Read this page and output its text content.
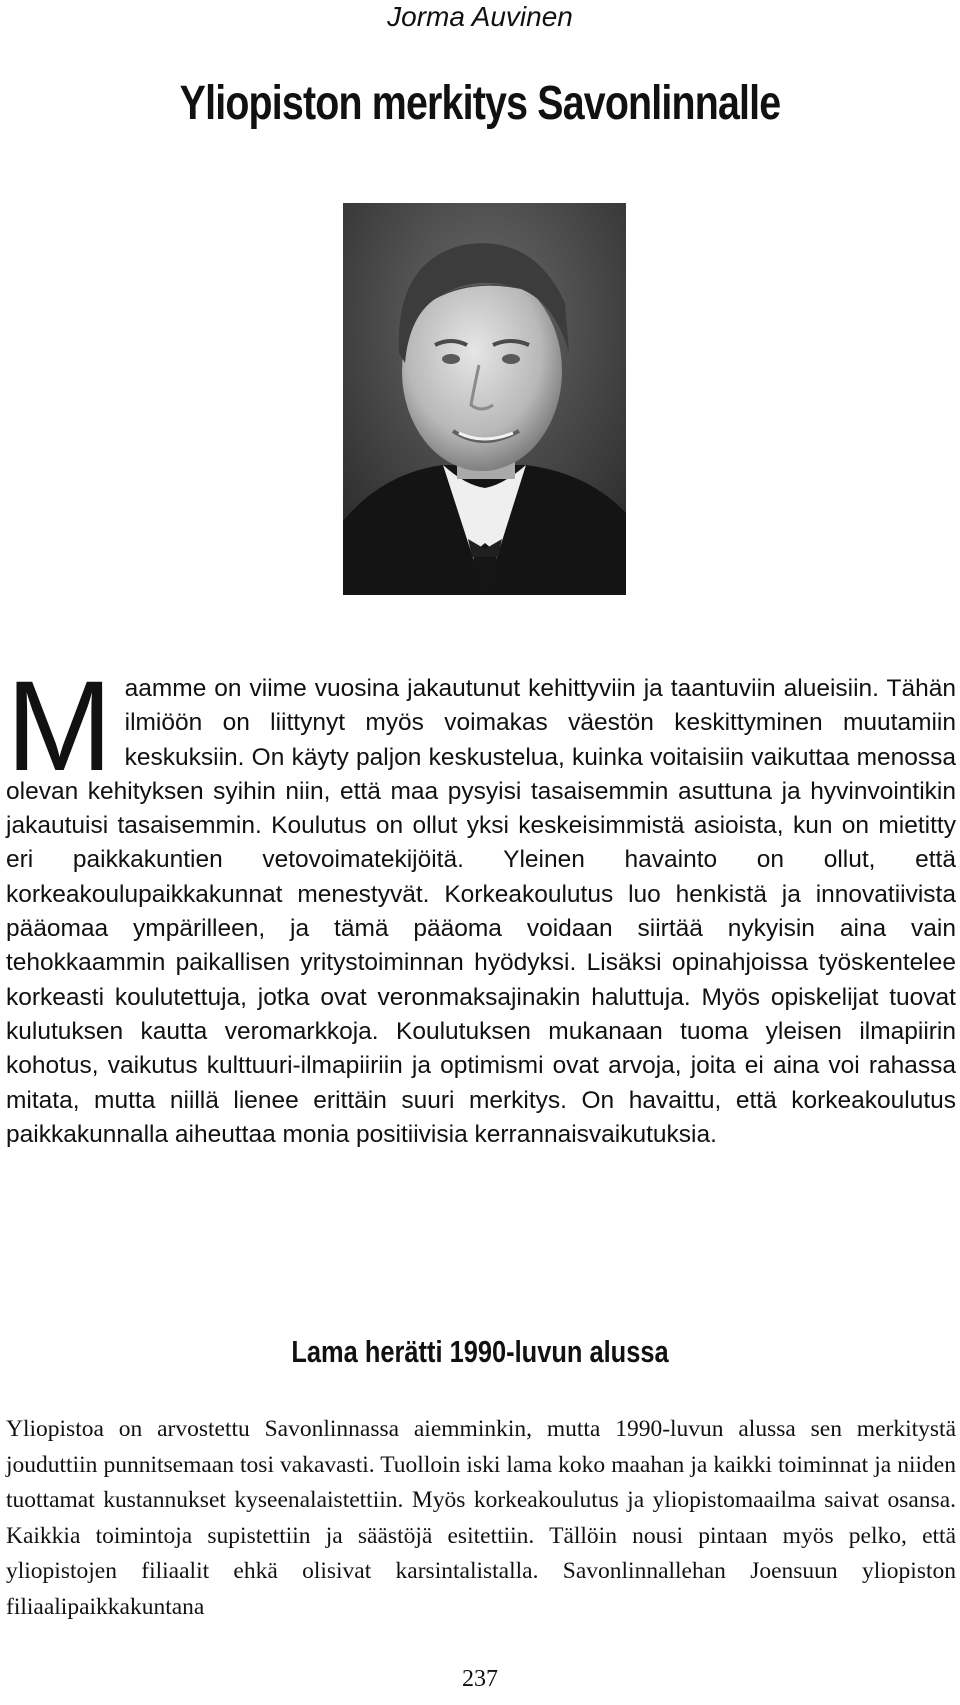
Jorma Auvinen

Yliopiston merkitys Savonlinnalle

Maamme on viime vuosina jakautunut kehittyviin ja taantuviin alueisiin. Tähän ilmiöön on liittynyt myös voimakas väestön keskittyminen muutamiin keskuksiin. On käyty paljon keskustelua, kuinka voitaisiin vaikuttaa menossa olevan kehityksen syihin niin, että maa pysyisi tasaisemmin asuttuna ja hyvinvointikin jakautuisi tasaisemmin. Koulutus on ollut yksi keskeisimmistä asioista, kun on mietitty eri paikkakuntien vetovoimatekijöitä. Yleinen havainto on ollut, että korkeakoulupaikkakunnat menestyvät. Korkeakoulutus luo henkistä ja innovatiivista pääomaa ympärilleen, ja tämä pääoma voidaan siirtää nykyisin aina vain tehokkaammin paikallisen yritystoiminnan hyödyksi. Lisäksi opinahjoissa työskentelee korkeasti koulutettuja, jotka ovat veronmaksajinakin haluttuja. Myös opiskelijat tuovat kulutuksen kautta veromarkkoja. Koulutuksen mukanaan tuoma yleisen ilmapiirin kohotus, vaikutus kulttuuri-ilmapiiriin ja optimismi ovat arvoja, joita ei aina voi rahassa mitata, mutta niillä lienee erittäin suuri merkitys. On havaittu, että korkeakoulutus paikkakunnalla aiheuttaa monia positiivisia kerrannaisvaikutuksia.

Lama herätti 1990-luvun alussa

Yliopistoa on arvostettu Savonlinnassa aiemminkin, mutta 1990-luvun alussa sen merkitystä jouduttiin punnitsemaan tosi vakavasti. Tuolloin iski lama koko maahan ja kaikki toiminnat ja niiden tuottamat kustannukset kyseenalaistettiin. Myös korkeakoulutus ja yliopistomaailma saivat osansa. Kaikkia toimintoja supistettiin ja säästöjä esitettiin. Tällöin nousi pintaan myös pelko, että yliopistojen filiaalit ehkä olisivat karsintalistalla. Savonlinnallehan Joensuun yliopiston filiaalipaikkakuntana

237
